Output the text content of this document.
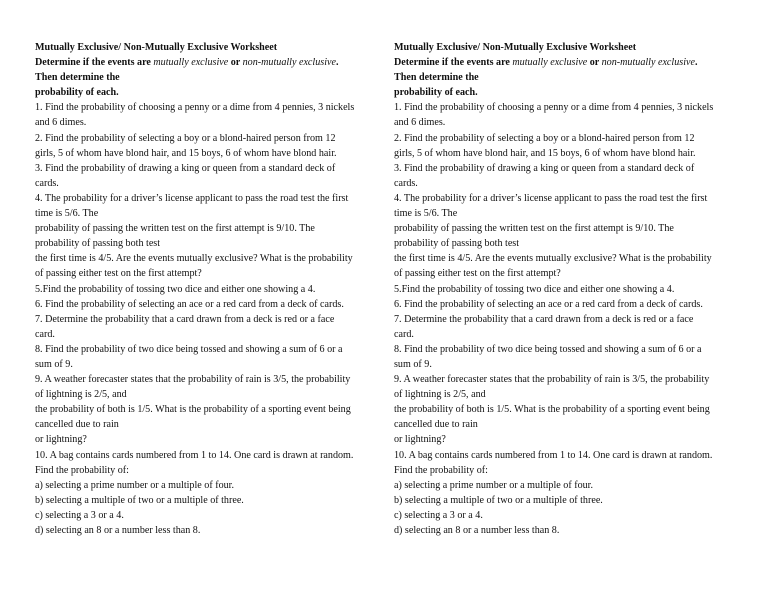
Mutually Exclusive/ Non-Mutually Exclusive Worksheet
Determine if the events are mutually exclusive or non-mutually exclusive.
Then determine the
probability of each.
1. Find the probability of choosing a penny or a dime from 4 pennies, 3 nickels
and 6 dimes.
2. Find the probability of selecting a boy or a blond-haired person from 12
girls, 5 of whom have blond hair, and 15 boys, 6 of whom have blond hair.
3. Find the probability of drawing a king or queen from a standard deck of
cards.
4. The probability for a driver’s license applicant to pass the road test the first
time is 5/6. The
probability of passing the written test on the first attempt is 9/10. The
probability of passing both test
the first time is 4/5. Are the events mutually exclusive? What is the probability
of passing either test on the first attempt?
5.Find the probability of tossing two dice and either one showing a 4.
6. Find the probability of selecting an ace or a red card from a deck of cards.
7. Determine the probability that a card drawn from a deck is red or a face
card.
8. Find the probability of two dice being tossed and showing a sum of 6 or a
sum of 9.
9. A weather forecaster states that the probability of rain is 3/5, the probability
of lightning is 2/5, and
the probability of both is 1/5. What is the probability of a sporting event being
cancelled due to rain
or lightning?
10. A bag contains cards numbered from 1 to 14. One card is drawn at random.
Find the probability of:
a) selecting a prime number or a multiple of four.
b) selecting a multiple of two or a multiple of three.
c) selecting a 3 or a 4.
d) selecting an 8 or a number less than 8.
Mutually Exclusive/ Non-Mutually Exclusive Worksheet
Determine if the events are mutually exclusive or non-mutually exclusive.
Then determine the
probability of each.
1. Find the probability of choosing a penny or a dime from 4 pennies, 3 nickels
and 6 dimes.
2. Find the probability of selecting a boy or a blond-haired person from 12
girls, 5 of whom have blond hair, and 15 boys, 6 of whom have blond hair.
3. Find the probability of drawing a king or queen from a standard deck of
cards.
4. The probability for a driver’s license applicant to pass the road test the first
time is 5/6. The
probability of passing the written test on the first attempt is 9/10. The
probability of passing both test
the first time is 4/5. Are the events mutually exclusive? What is the probability
of passing either test on the first attempt?
5.Find the probability of tossing two dice and either one showing a 4.
6. Find the probability of selecting an ace or a red card from a deck of cards.
7. Determine the probability that a card drawn from a deck is red or a face
card.
8. Find the probability of two dice being tossed and showing a sum of 6 or a
sum of 9.
9. A weather forecaster states that the probability of rain is 3/5, the probability
of lightning is 2/5, and
the probability of both is 1/5. What is the probability of a sporting event being
cancelled due to rain
or lightning?
10. A bag contains cards numbered from 1 to 14. One card is drawn at random.
Find the probability of:
a) selecting a prime number or a multiple of four.
b) selecting a multiple of two or a multiple of three.
c) selecting a 3 or a 4.
d) selecting an 8 or a number less than 8.
